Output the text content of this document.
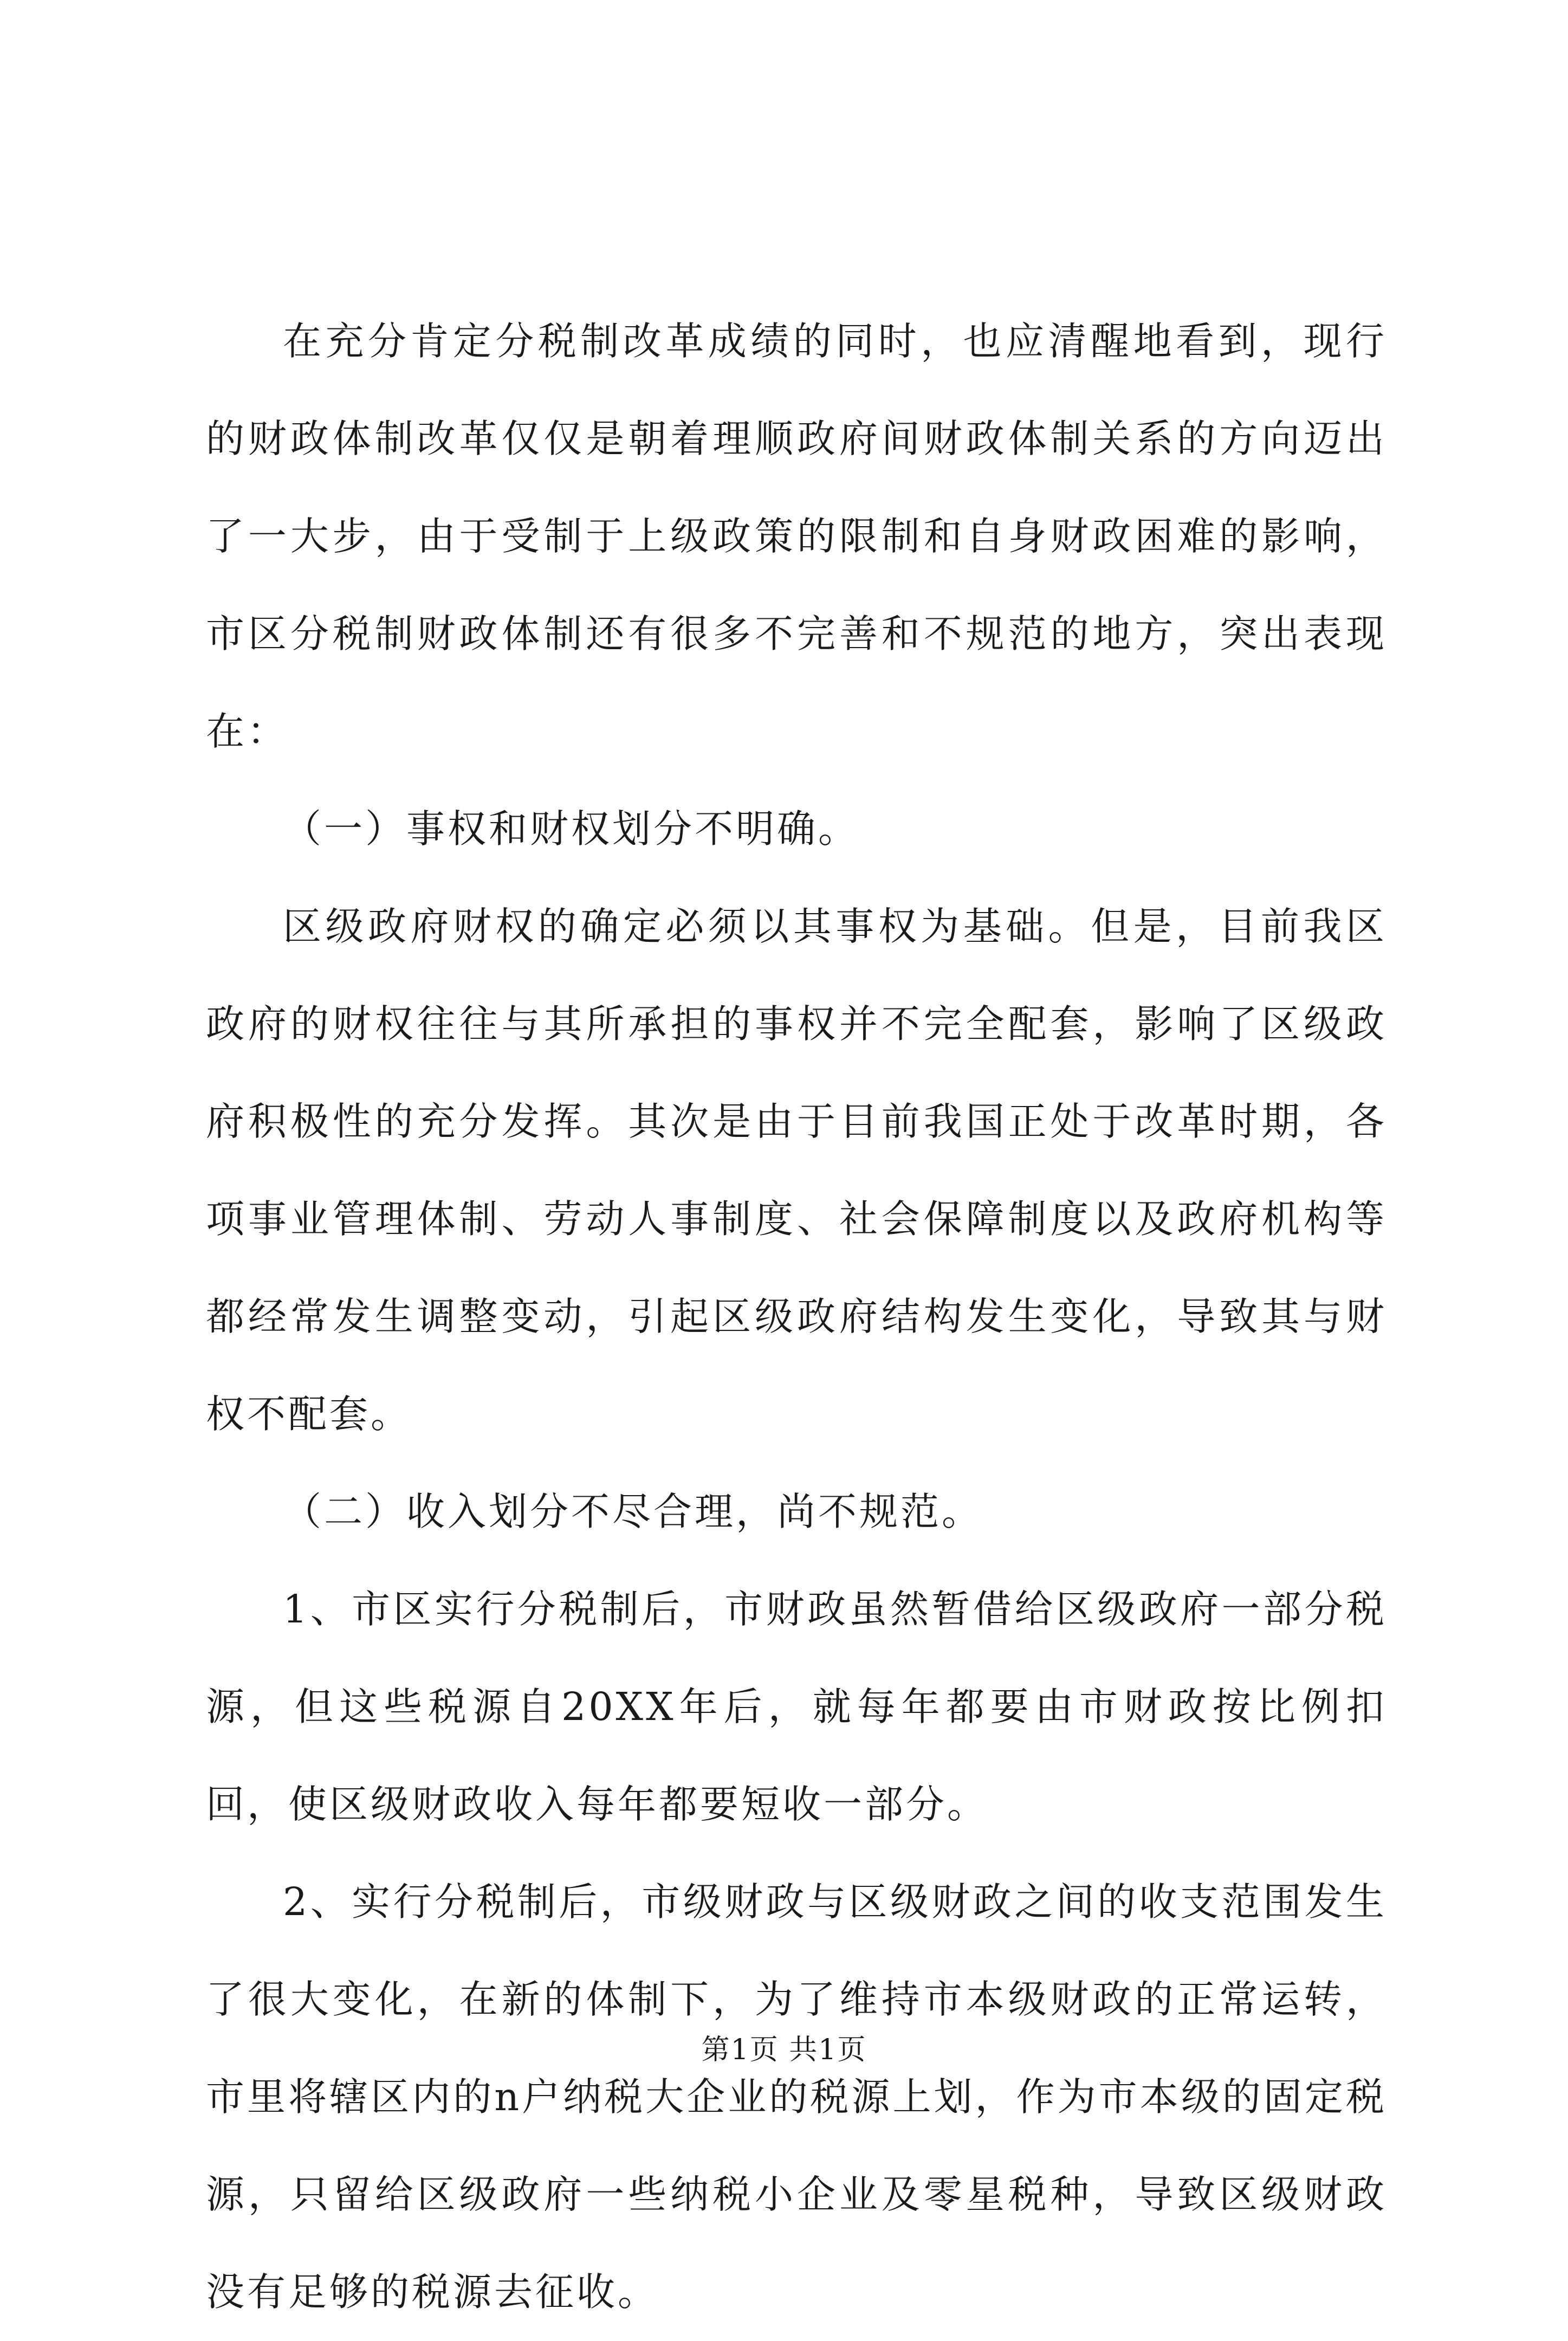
在充分肯定分税制改革成绩的同时，也应清醒地看到，现行的财政体制改革仅仅是朝着理顺政府间财政体制关系的方向迈出了一大步，由于受制于上级政策的限制和自身财政困难的影响，市区分税制财政体制还有很多不完善和不规范的地方，突出表现在：

（一）事权和财权划分不明确。

区级政府财权的确定必须以其事权为基础。但是，目前我区政府的财权往往与其所承担的事权并不完全配套，影响了区级政府积极性的充分发挥。其次是由于目前我国正处于改革时期，各项事业管理体制、劳动人事制度、社会保障制度以及政府机构等都经常发生调整变动，引起区级政府结构发生变化，导致其与财权不配套。

（二）收入划分不尽合理，尚不规范。

1、市区实行分税制后，市财政虽然暂借给区级政府一部分税源，但这些税源自20XX年后，就每年都要由市财政按比例扣回，使区级财政收入每年都要短收一部分。

2、实行分税制后，市级财政与区级财政之间的收支范围发生了很大变化，在新的体制下，为了维持市本级财政的正常运转，市里将辖区内的n户纳税大企业的税源上划，作为市本级的固定税源，只留给区级政府一些纳税小企业及零星税种，导致区级财政没有足够的税源去征收。

第1页 共1页
